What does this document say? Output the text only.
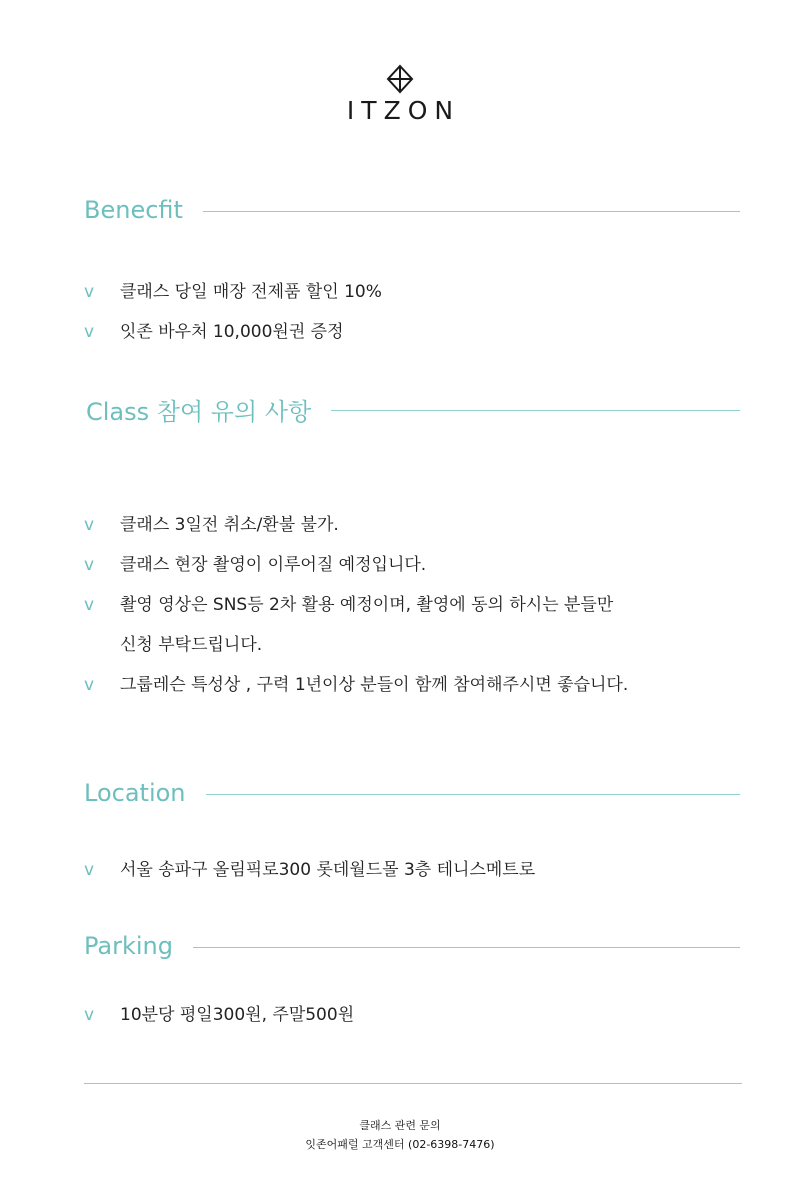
ITZON
Benecfit
v 클래스 당일 매장 전제품 할인 10%
v 잇존 바우처 10,000원권 증정
Class 참여 유의 사항
v 클래스 3일전 취소/환불 불가.
v 클래스 현장 촬영이 이루어질 예정입니다.
v 촬영 영상은 SNS등 2차 활용 예정이며, 촬영에 동의 하시는 분들만
신청 부탁드립니다.
v 그룹레슨 특성상 , 구력 1년이상 분들이 함께 참여해주시면 좋습니다.
Location
v 서울 송파구 올림픽로300 롯데월드몰 3층 테니스메트로
Parking
v 10분당 평일300원, 주말500원
클래스 관련 문의
잇존어패럴 고객센터 (02-6398-7476)
